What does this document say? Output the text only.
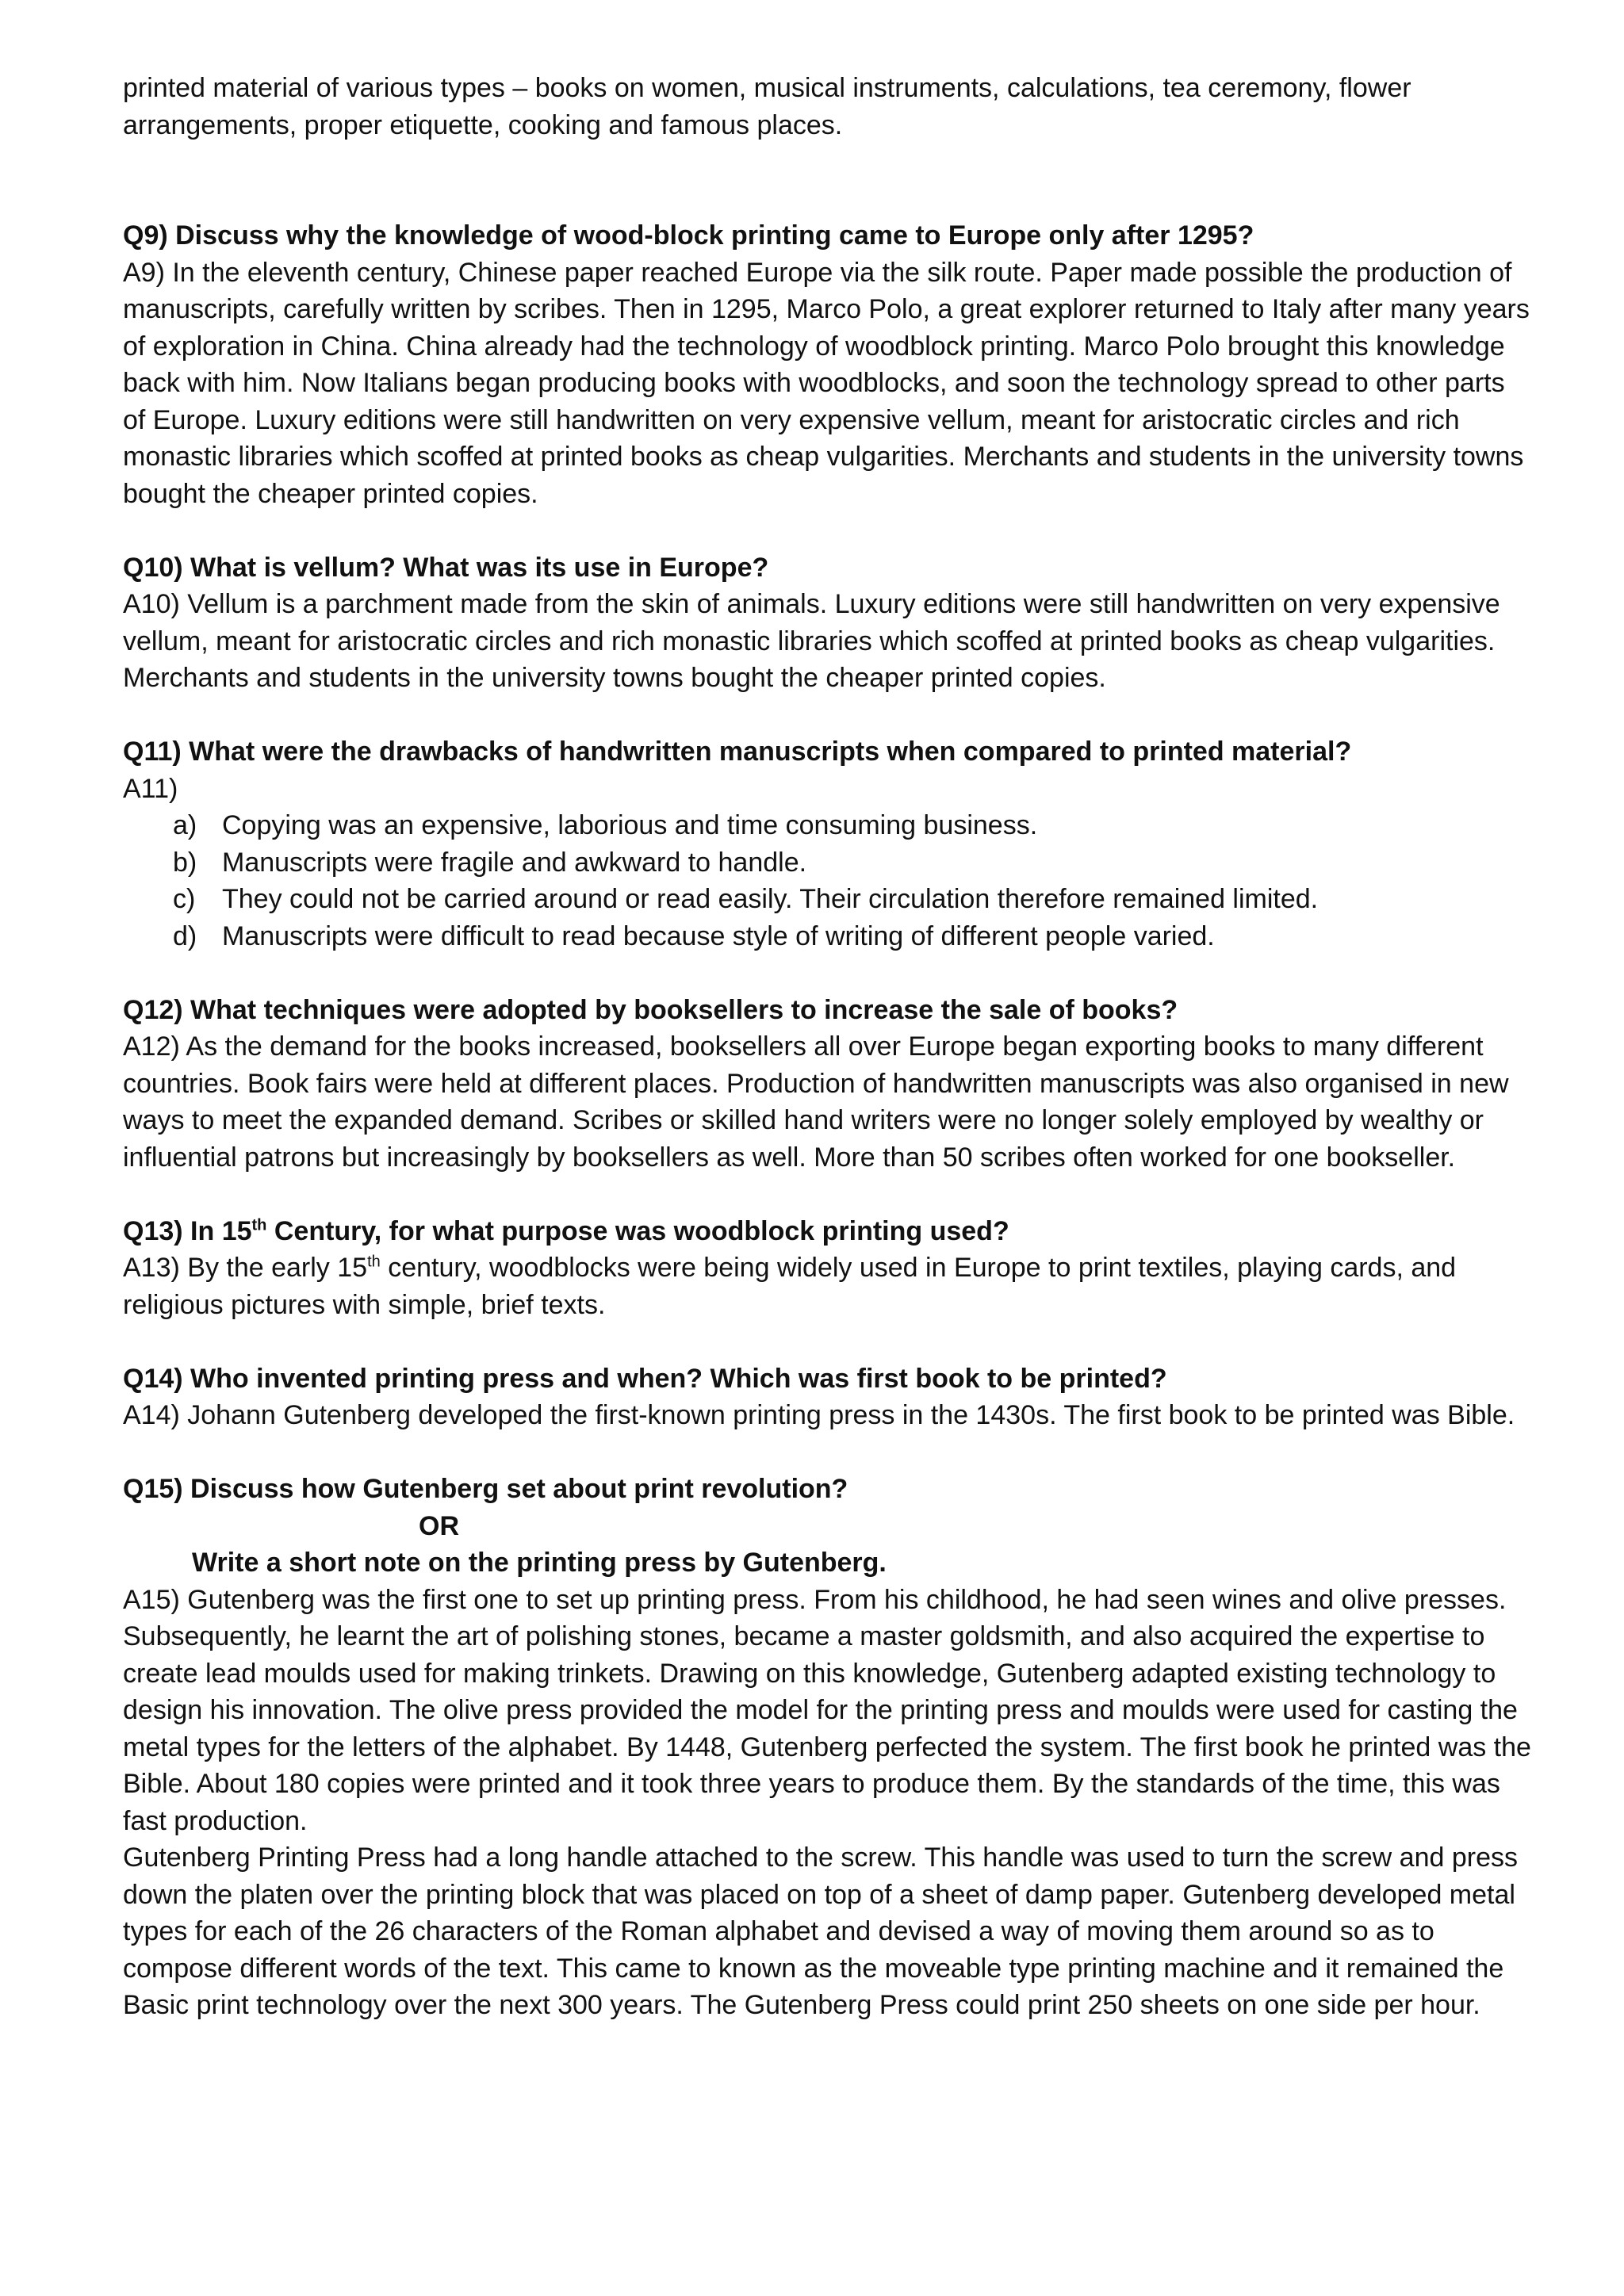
printed material of various types – books on women, musical instruments, calculations, tea ceremony, flower arrangements, proper etiquette, cooking and famous places.

Q9) Discuss why the knowledge of wood-block printing came to Europe only after 1295?

A9) In the eleventh century, Chinese paper reached Europe via the silk route. Paper made possible the production of manuscripts, carefully written by scribes. Then in 1295, Marco Polo, a great explorer returned to Italy after many years of exploration in China. China already had the technology of woodblock printing. Marco Polo brought this knowledge back with him. Now Italians began producing books with woodblocks, and soon the technology spread to other parts of Europe. Luxury editions were still handwritten on very expensive vellum, meant for aristocratic circles and rich monastic libraries which scoffed at printed books as cheap vulgarities. Merchants and students in the university towns bought the cheaper printed copies.

Q10) What is vellum? What was its use in Europe?

A10) Vellum is a parchment made from the skin of animals. Luxury editions were still handwritten on very expensive vellum, meant for aristocratic circles and rich monastic libraries which scoffed at printed books as cheap vulgarities. Merchants and students in the university towns bought the cheaper printed copies.

Q11) What were the drawbacks of handwritten manuscripts when compared to printed material?

A11)

a) Copying was an expensive, laborious and time consuming business.
b) Manuscripts were fragile and awkward to handle.
c) They could not be carried around or read easily. Their circulation therefore remained limited.
d) Manuscripts were difficult to read because style of writing of different people varied.

Q12) What techniques were adopted by booksellers to increase the sale of books?

A12) As the demand for the books increased, booksellers all over Europe began exporting books to many different countries. Book fairs were held at different places. Production of handwritten manuscripts was also organised in new ways to meet the expanded demand. Scribes or skilled hand writers were no longer solely employed by wealthy or influential patrons but increasingly by booksellers as well. More than 50 scribes often worked for one bookseller.

Q13) In 15th Century, for what purpose was woodblock printing used?

A13) By the early 15th century, woodblocks were being widely used in Europe to print textiles, playing cards, and religious pictures with simple, brief texts.

Q14) Who invented printing press and when? Which was first book to be printed?

A14) Johann Gutenberg developed the first-known printing press in the 1430s. The first book to be printed was Bible.

Q15) Discuss how Gutenberg set about print revolution?

OR

Write a short note on the printing press by Gutenberg.

A15) Gutenberg was the first one to set up printing press. From his childhood, he had seen wines and olive presses. Subsequently, he learnt the art of polishing stones, became a master goldsmith, and also acquired the expertise to create lead moulds used for making trinkets. Drawing on this knowledge, Gutenberg adapted existing technology to design his innovation. The olive press provided the model for the printing press and moulds were used for casting the metal types for the letters of the alphabet. By 1448, Gutenberg perfected the system. The first book he printed was the Bible. About 180 copies were printed and it took three years to produce them. By the standards of the time, this was fast production.

Gutenberg Printing Press had a long handle attached to the screw. This handle was used to turn the screw and press down the platen over the printing block that was placed on top of a sheet of damp paper. Gutenberg developed metal types for each of the 26 characters of the Roman alphabet and devised a way of moving them around so as to compose different words of the text. This came to known as the moveable type printing machine and it remained the Basic print technology over the next 300 years. The Gutenberg Press could print 250 sheets on one side per hour.
